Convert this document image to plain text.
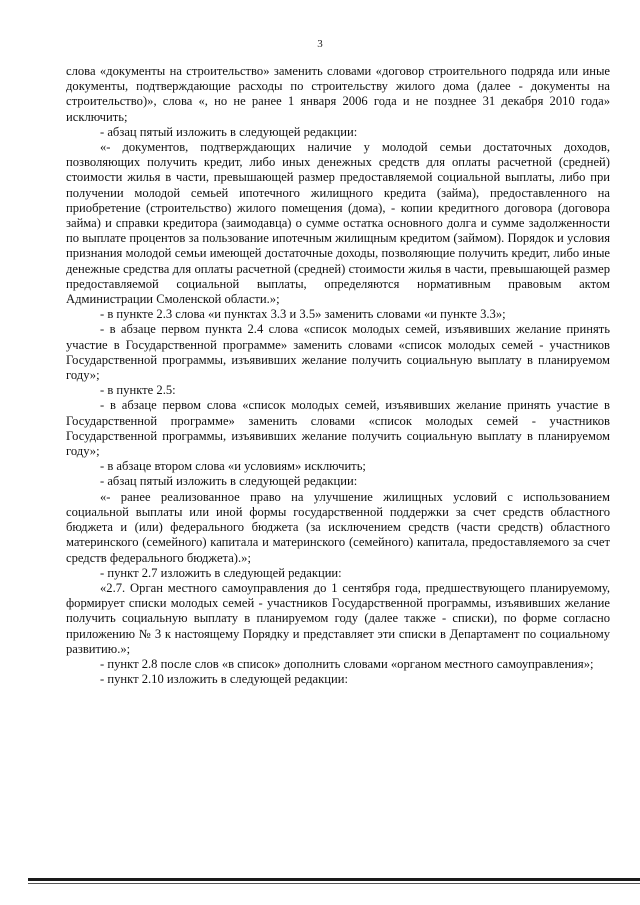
3

слова «документы на строительство» заменить словами «договор строительного подряда или иные документы, подтверждающие расходы по строительству жилого дома (далее - документы на строительство)», слова «, но не ранее 1 января 2006 года и не позднее 31 декабря 2010 года» исключить;

- абзац пятый изложить в следующей редакции:

«- документов, подтверждающих наличие у молодой семьи достаточных доходов, позволяющих получить кредит, либо иных денежных средств для оплаты расчетной (средней) стоимости жилья в части, превышающей размер предоставляемой социальной выплаты, либо при получении молодой семьей ипотечного жилищного кредита (займа), предоставленного на приобретение (строительство) жилого помещения (дома), - копии кредитного договора (договора займа) и справки кредитора (заимодавца) о сумме остатка основного долга и сумме задолженности по выплате процентов за пользование ипотечным жилищным кредитом (займом). Порядок и условия признания молодой семьи имеющей достаточные доходы, позволяющие получить кредит, либо иные денежные средства для оплаты расчетной (средней) стоимости жилья в части, превышающей размер предоставляемой социальной выплаты, определяются нормативным правовым актом Администрации Смоленской области.»;

- в пункте 2.3 слова «и пунктах 3.3 и 3.5» заменить словами «и пункте 3.3»;

- в абзаце первом пункта 2.4 слова «список молодых семей, изъявивших желание принять участие в Государственной программе» заменить словами «список молодых семей - участников Государственной программы, изъявивших желание получить социальную выплату в планируемом году»;

- в пункте 2.5:

- в абзаце первом слова «список молодых семей, изъявивших желание принять участие в Государственной программе» заменить словами «список молодых семей - участников Государственной программы, изъявивших желание получить социальную выплату в планируемом году»;

- в абзаце втором слова «и условиям» исключить;

- абзац пятый изложить в следующей редакции:

«- ранее реализованное право на улучшение жилищных условий с использованием социальной выплаты или иной формы государственной поддержки за счет средств областного бюджета и (или) федерального бюджета (за исключением средств (части средств) областного материнского (семейного) капитала и материнского (семейного) капитала, предоставляемого за счет средств федерального бюджета).»;

- пункт 2.7 изложить в следующей редакции:

«2.7. Орган местного самоуправления до 1 сентября года, предшествующего планируемому, формирует списки молодых семей - участников Государственной программы, изъявивших желание получить социальную выплату в планируемом году (далее также - списки), по форме согласно приложению № 3 к настоящему Порядку и представляет эти списки в Департамент по социальному развитию.»;

- пункт 2.8 после слов «в список» дополнить словами «органом местного самоуправления»;

- пункт 2.10 изложить в следующей редакции:
